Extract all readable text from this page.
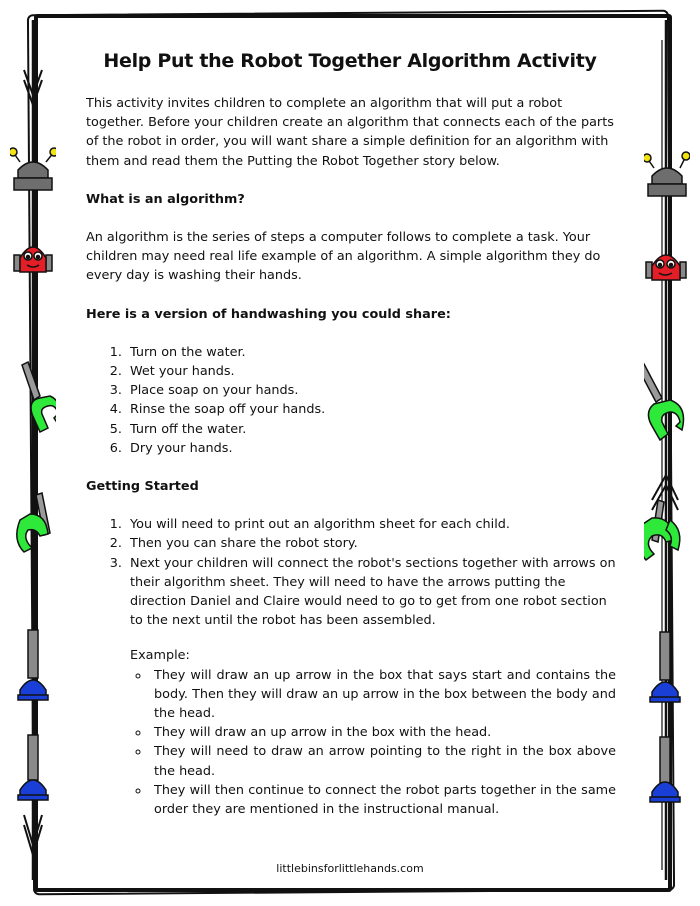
Help Put the Robot Together Algorithm Activity

This activity invites children to complete an algorithm that will put a robot together. Before your children create an algorithm that connects each of the parts of the robot in order, you will want share a simple definition for an algorithm with them and read them the Putting the Robot Together story below.

What is an algorithm?

An algorithm is the series of steps a computer follows to complete a task. Your children may need real life example of an algorithm. A simple algorithm they do every day is washing their hands.

Here is a version of handwashing you could share:
1. Turn on the water.
2. Wet your hands.
3. Place soap on your hands.
4. Rinse the soap off your hands.
5. Turn off the water.
6. Dry your hands.
Getting Started
1. You will need to print out an algorithm sheet for each child.
2. Then you can share the robot story.
3. Next your children will connect the robot's sections together with arrows on their algorithm sheet. They will need to have the arrows putting the direction Daniel and Claire would need to go to get from one robot section to the next until the robot has been assembled.
Example:
◦ They will draw an up arrow in the box that says start and contains the body. Then they will draw an up arrow in the box between the body and the head.
◦ They will draw an up arrow in the box with the head.
◦ They will need to draw an arrow pointing to the right in the box above the head.
◦ They will then continue to connect the robot parts together in the same order they are mentioned in the instructional manual.
littlebinsforlittlehands.com
